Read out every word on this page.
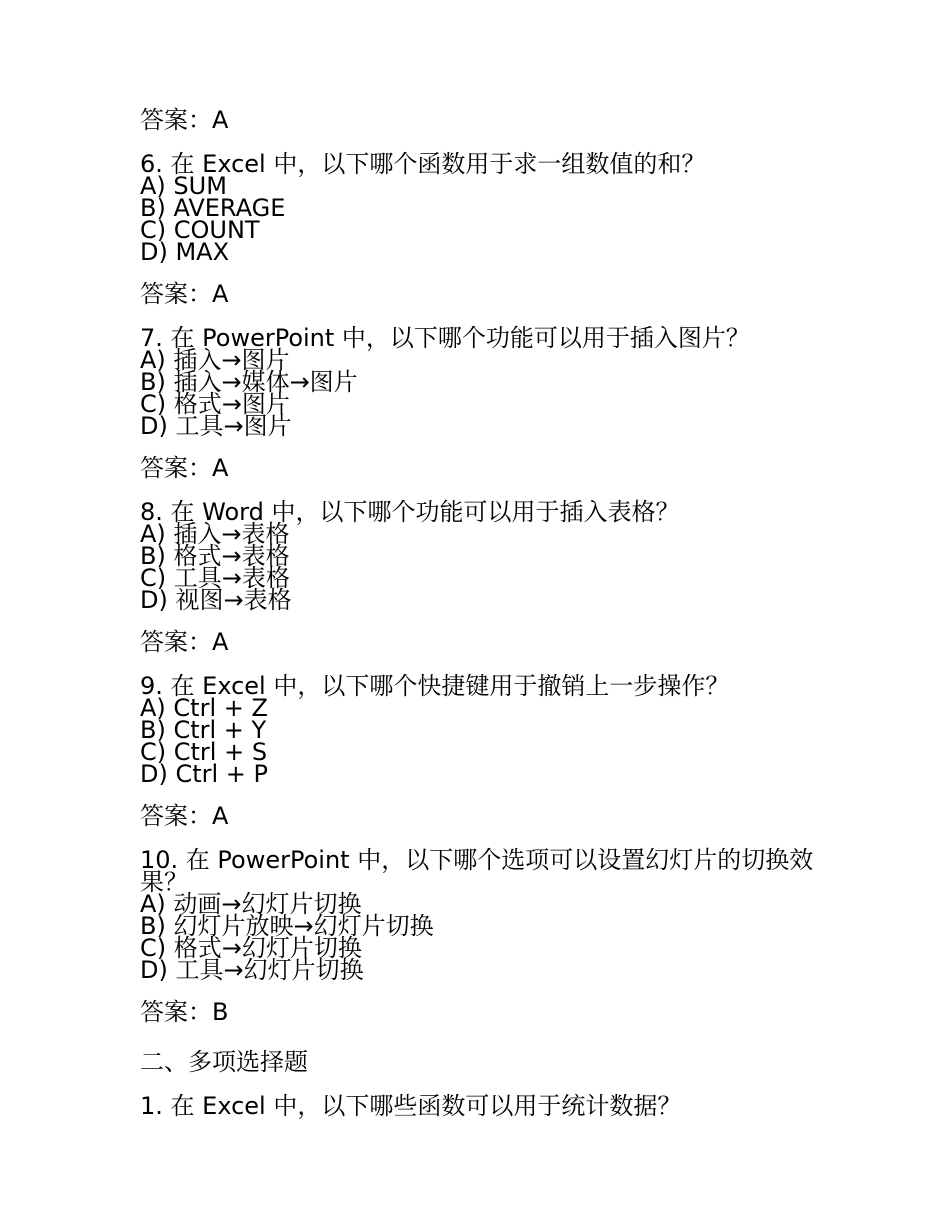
答案：A
6. 在 Excel 中，以下哪个函数用于求一组数值的和？
A) SUM
B) AVERAGE
C) COUNT
D) MAX
答案：A
7. 在 PowerPoint 中，以下哪个功能可以用于插入图片？
A) 插入→图片
B) 插入→媒体→图片
C) 格式→图片
D) 工具→图片
答案：A
8. 在 Word 中，以下哪个功能可以用于插入表格？
A) 插入→表格
B) 格式→表格
C) 工具→表格
D) 视图→表格
答案：A
9. 在 Excel 中，以下哪个快捷键用于撤销上一步操作？
A) Ctrl + Z
B) Ctrl + Y
C) Ctrl + S
D) Ctrl + P
答案：A
10. 在 PowerPoint 中，以下哪个选项可以设置幻灯片的切换效果？
A) 动画→幻灯片切换
B) 幻灯片放映→幻灯片切换
C) 格式→幻灯片切换
D) 工具→幻灯片切换
答案：B
二、多项选择题
1. 在 Excel 中，以下哪些函数可以用于统计数据？
